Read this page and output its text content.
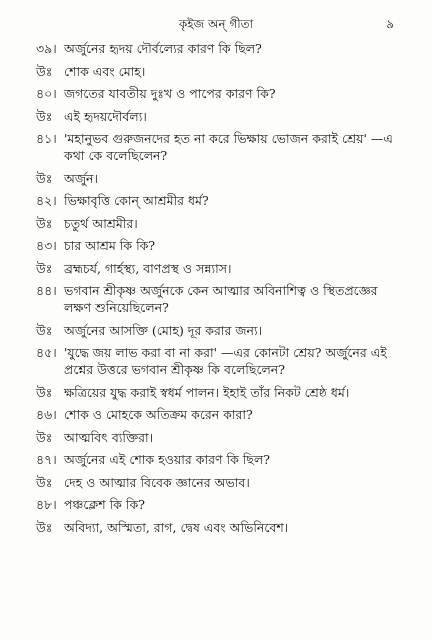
কৃইজ অন্ গীতা	৯
৩৯। অর্জুনের হৃদয় দৌর্বল্যের কারণ কি ছিল?
উঃ শোক এবং মোহ।
৪০। জগতের যাবতীয় দুঃখ ও পাপের কারণ কি?
উঃ এই হৃদয়দৌর্বল্য।
৪১। 'মহানুভব গুরুজনদের হত না করে ভিক্ষায় ভোজন করাই শ্রেয়' —এ কথা কে বলেছিলেন?
উঃ অর্জুন।
৪২। ভিক্ষাবৃত্তি কোন্ আশ্রমীর ধর্ম?
উঃ চতুর্থ আশ্রমীর।
৪৩। চার আশ্রম কি কি?
উঃ ব্রহ্মচর্য, গার্হস্থ্য, বাণপ্রস্থ ও সন্ন্যাস।
৪৪। ভগবান শ্রীকৃষ্ণ অর্জুনকে কেন আত্মার অবিনাশিত্ব ও স্থিতপ্রজ্ঞের লক্ষণ শুনিয়েছিলেন?
উঃ অর্জুনের আসক্তি (মোহ) দূর করার জন্য।
৪৫। 'যুদ্ধে জয় লাভ করা বা না করা' —এর কোনটা শ্রেয়? অর্জুনের এই প্রশ্নের উত্তরে ভগবান শ্রীকৃষ্ণ কি বলেছিলেন?
উঃ ক্ষত্রিয়ের যুদ্ধ করাই স্বধর্ম পালন। ইহাই তাঁর নিকট শ্রেষ্ঠ ধর্ম।
৪৬। শোক ও মোহকে অতিক্রম করেন কারা?
উঃ আত্মবিৎ ব্যক্তিরা।
৪৭। অর্জুনের এই শোক হওয়ার কারণ কি ছিল?
উঃ দেহ ও আত্মার বিবেক জ্ঞানের অভাব।
৪৮। পঞ্চক্লেশ কি কি?
উঃ অবিদ্যা, অস্মিতা, রাগ, দ্বেষ এবং অভিনিবেশ।
